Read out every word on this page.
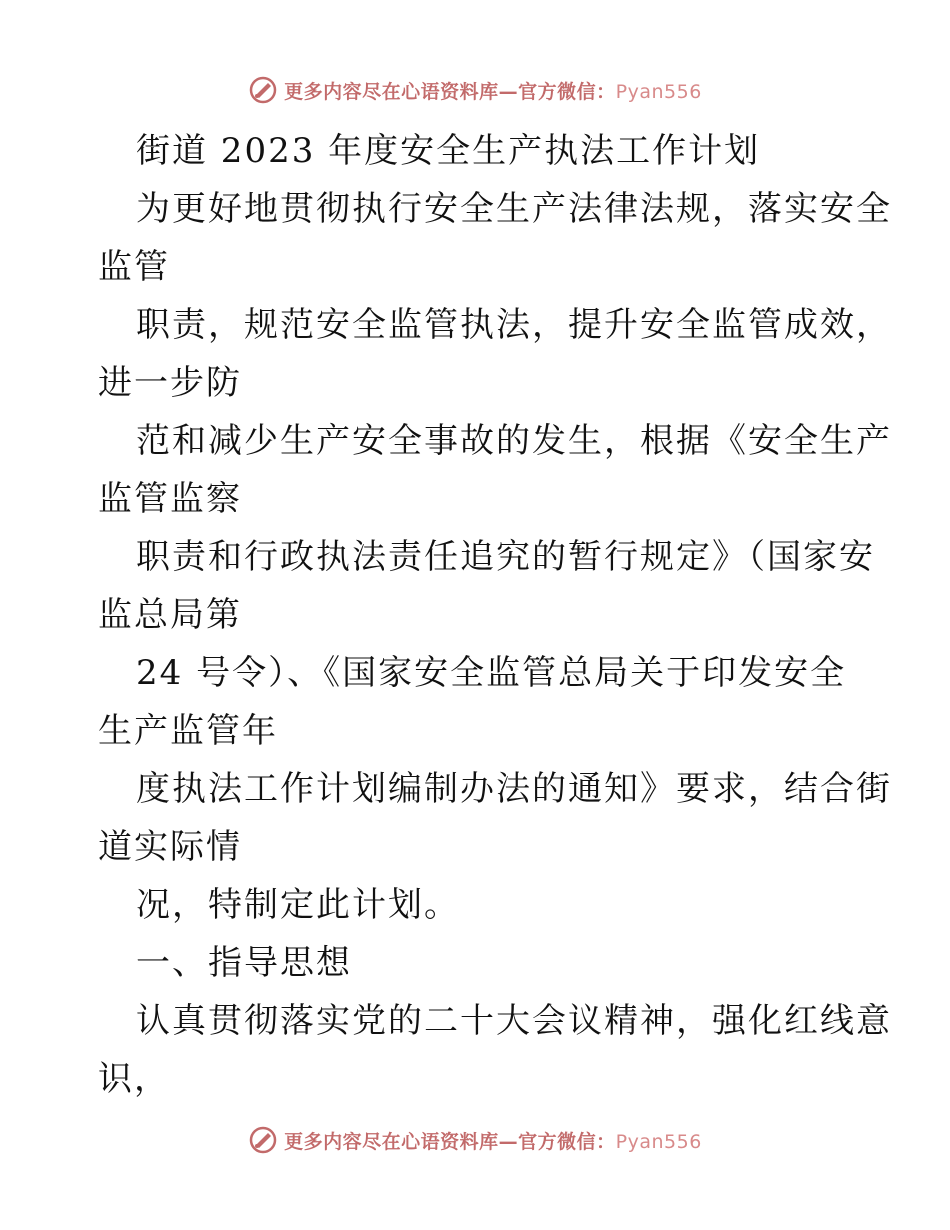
更多内容尽在心语资料库—官方微信：Pyan556
街道 2023 年度安全生产执法工作计划
为更好地贯彻执行安全生产法律法规，落实安全
监管
职责，规范安全监管执法，提升安全监管成效，
进一步防
范和减少生产安全事故的发生，根据《安全生产
监管监察
职责和行政执法责任追究的暂行规定》（国家安
监总局第
24 号令）、《国家安全监管总局关于印发安全
生产监管年
度执法工作计划编制办法的通知》要求，结合街
道实际情
况，特制定此计划。
一、指导思想
认真贯彻落实党的二十大会议精神，强化红线意
识，
更多内容尽在心语资料库—官方微信：Pyan556
